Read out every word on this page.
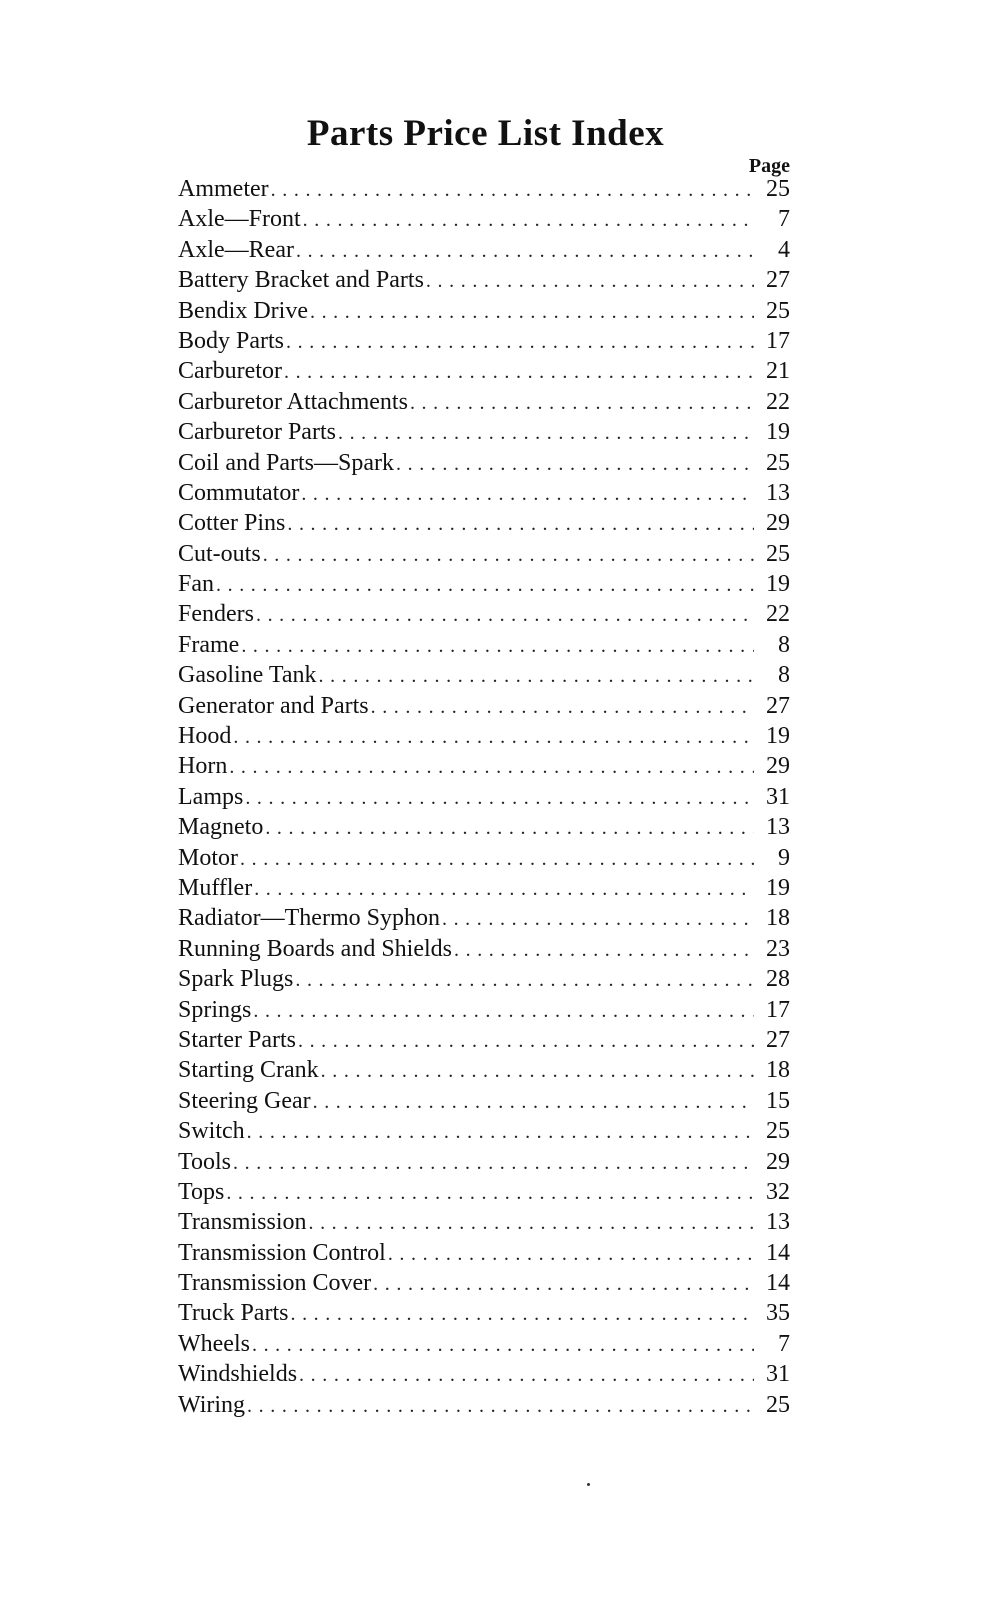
Parts Price List Index
Page
Ammeter . . .	25
Axle—Front . . .	7
Axle—Rear . . .	4
Battery Bracket and Parts . . .	27
Bendix Drive . . .	25
Body Parts . . .	17
Carburetor . . .	21
Carburetor Attachments . . .	22
Carburetor Parts . . .	19
Coil and Parts—Spark . . .	25
Commutator . . .	13
Cotter Pins . . .	29
Cut-outs . . .	25
Fan . . .	19
Fenders . . .	22
Frame . . .	8
Gasoline Tank . . .	8
Generator and Parts . . .	27
Hood . . .	19
Horn . . .	29
Lamps . . .	31
Magneto . . .	13
Motor . . .	9
Muffler . . .	19
Radiator—Thermo Syphon . . .	18
Running Boards and Shields . . .	23
Spark Plugs . . .	28
Springs . . .	17
Starter Parts . . .	27
Starting Crank . . .	18
Steering Gear . . .	15
Switch . . .	25
Tools . . .	29
Tops . . .	32
Transmission . . .	13
Transmission Control . . .	14
Transmission Cover . . .	14
Truck Parts . . .	35
Wheels . . .	7
Windshields . . .	31
Wiring . . .	25
